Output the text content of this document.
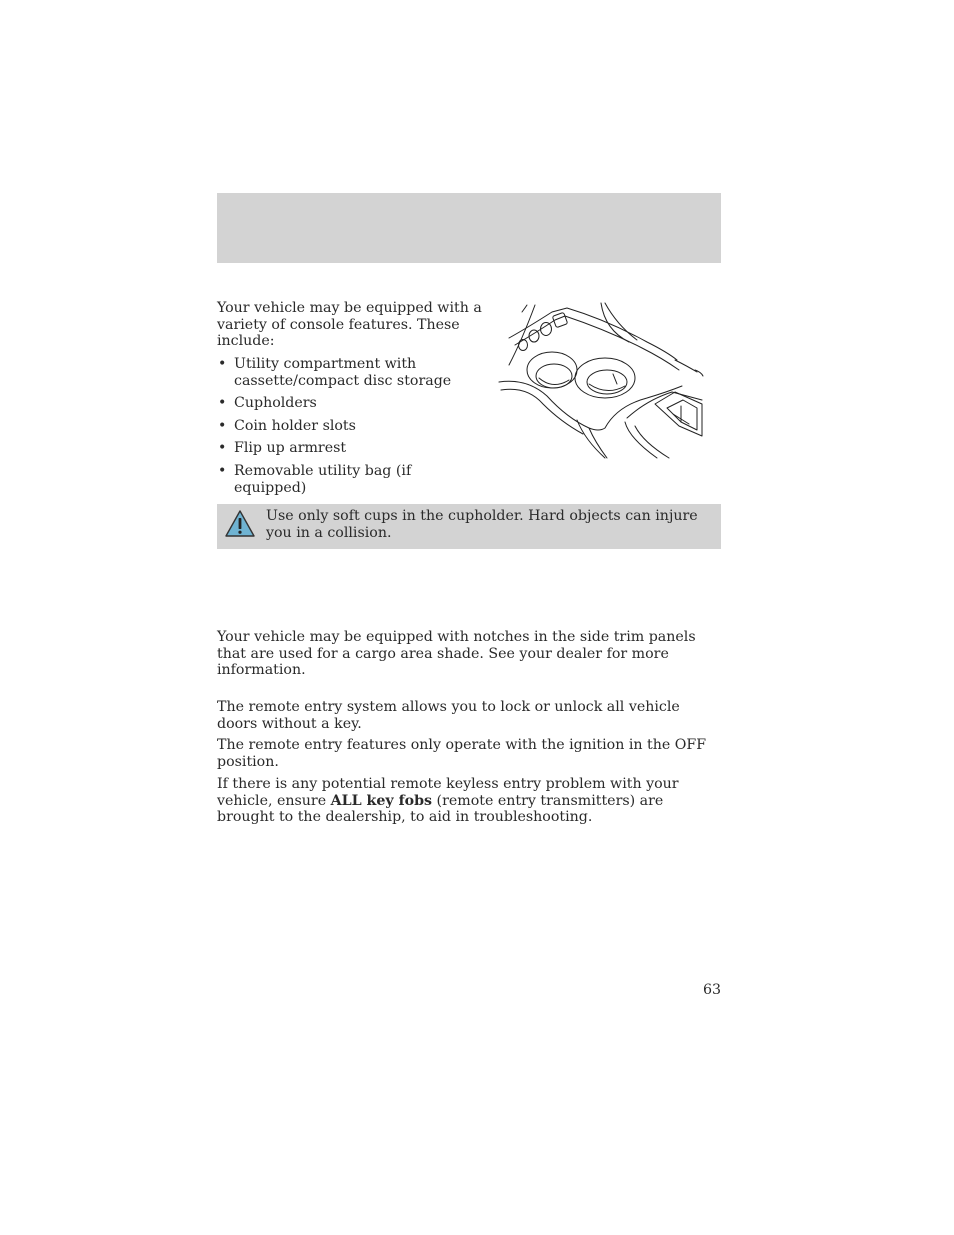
Your vehicle may be equipped with a variety of console features. These include:

• Utility compartment with cassette/compact disc storage
• Cupholders
• Coin holder slots
• Flip up armrest
• Removable utility bag (if equipped)
Use only soft cups in the cupholder. Hard objects can injure you in a collision.

Your vehicle may be equipped with notches in the side trim panels that are used for a cargo area shade. See your dealer for more information.

The remote entry system allows you to lock or unlock all vehicle doors without a key.

The remote entry features only operate with the ignition in the OFF position.

If there is any potential remote keyless entry problem with your vehicle, ensure ALL key fobs (remote entry transmitters) are brought to the dealership, to aid in troubleshooting.

63
